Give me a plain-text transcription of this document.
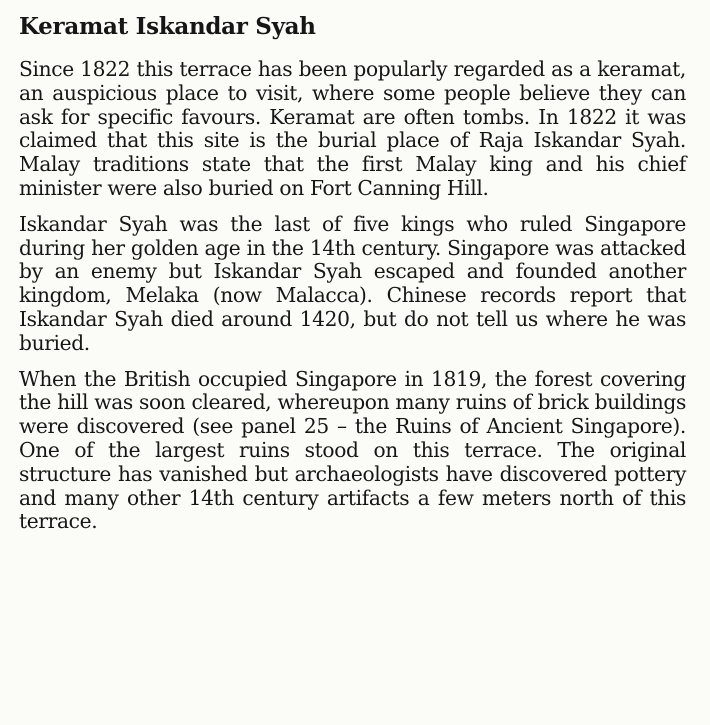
Keramat Iskandar Syah

Since 1822 this terrace has been popularly regarded as a keramat, an auspicious place to visit, where some people believe they can ask for specific favours. Keramat are often tombs. In 1822 it was claimed that this site is the burial place of Raja Iskandar Syah. Malay traditions state that the first Malay king and his chief minister were also buried on Fort Canning Hill.

Iskandar Syah was the last of five kings who ruled Singapore during her golden age in the 14th century. Singapore was attacked by an enemy but Iskandar Syah escaped and founded another kingdom, Melaka (now Malacca). Chinese records report that Iskandar Syah died around 1420, but do not tell us where he was buried.

When the British occupied Singapore in 1819, the forest covering the hill was soon cleared, whereupon many ruins of brick buildings were discovered (see panel 25 – the Ruins of Ancient Singapore). One of the largest ruins stood on this terrace. The original structure has vanished but archaeologists have discovered pottery and many other 14th century artifacts a few meters north of this terrace.
